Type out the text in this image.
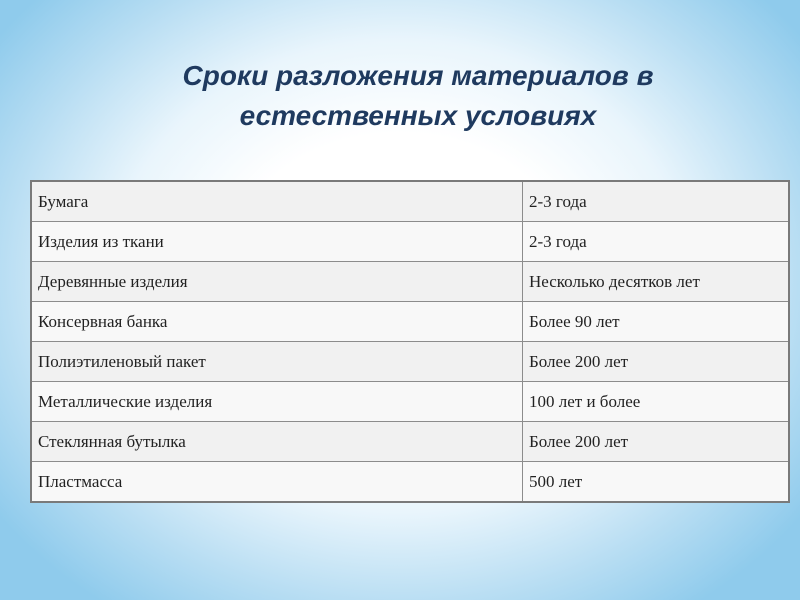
Сроки разложения материалов в
естественных условиях
Бумага	2-3 года
Изделия из ткани	2-3 года
Деревянные изделия	Несколько десятков лет
Консервная банка	Более 90 лет
Полиэтиленовый пакет	Более 200 лет
Металлические изделия	100 лет и более
Стеклянная бутылка	Более 200 лет
Пластмасса	500 лет
